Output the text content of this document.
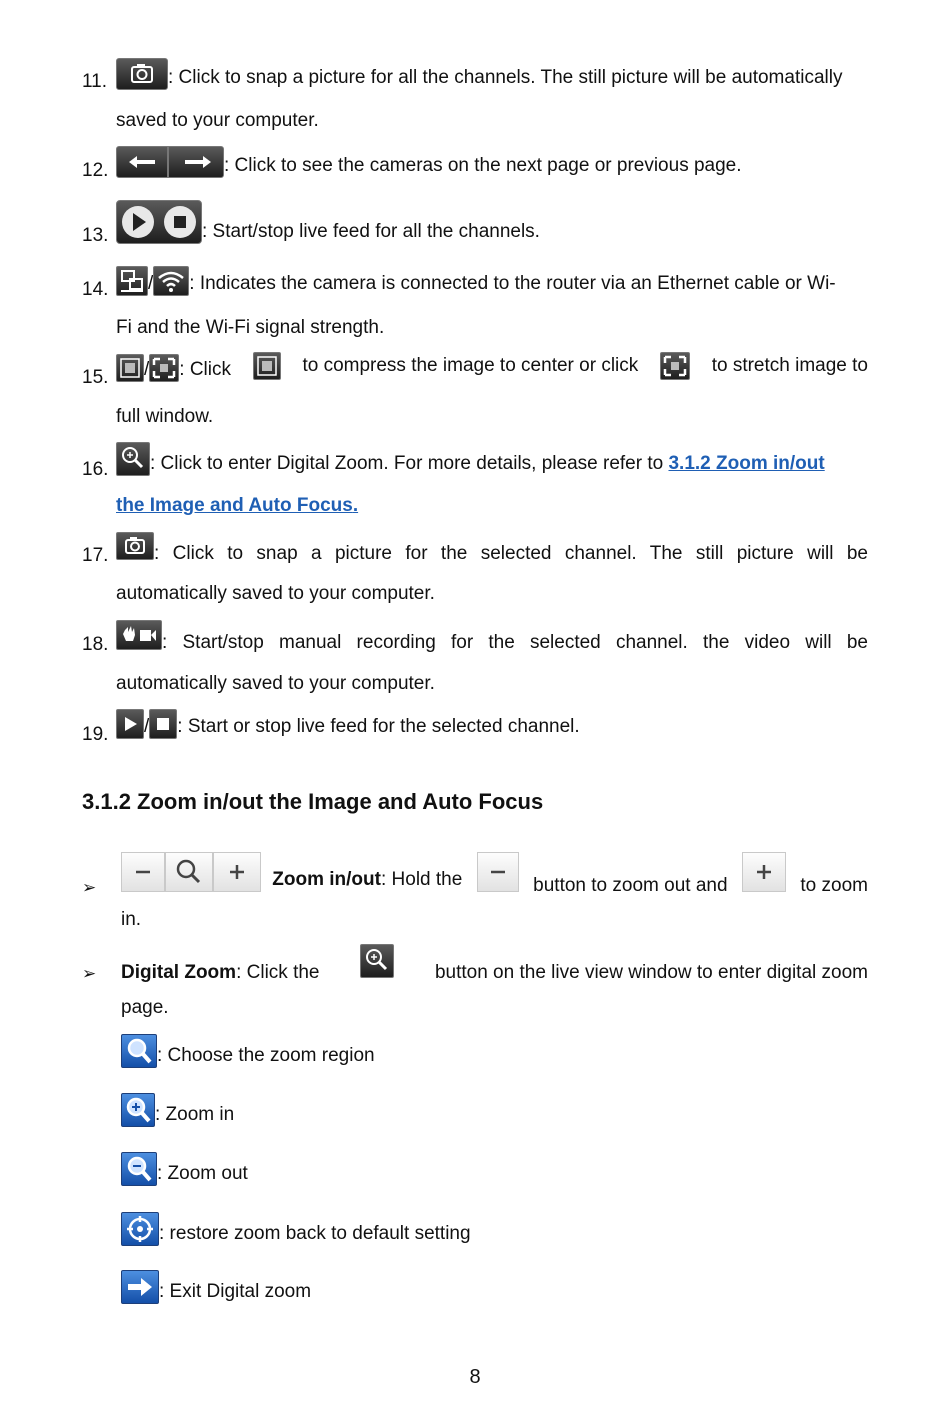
11.	: Click to snap a picture for all the channels. The still picture will be automatically
saved to your computer.
12.	: Click to see the cameras on the next page or previous page.
13.	: Start/stop live feed for all the channels.
14.	/ : Indicates the camera is connected to the router via an Ethernet cable or Wi-
Fi and the Wi-Fi signal strength.
15.	/ : Click	to compress the image to center or click	to stretch image to
full window.
16.	: Click to enter Digital Zoom. For more details, please refer to 3.1.2 Zoom in/out
the Image and Auto Focus.
17. : Click to snap a picture for the selected channel. The still picture will be
automatically saved to your computer.
18.	: Start/stop manual recording for the selected channel. the video will be
automatically saved to your computer.
19.	/ : Start or stop live feed for the selected channel.
3.1.2 Zoom in/out the Image and Auto Focus
➢	Zoom in/out: Hold the	button to zoom out and	to zoom
in.
➢ Digital Zoom: Click the	button on the live view window to enter digital zoom
page.
: Choose the zoom region
: Zoom in
: Zoom out
: restore zoom back to default setting
: Exit Digital zoom
8
